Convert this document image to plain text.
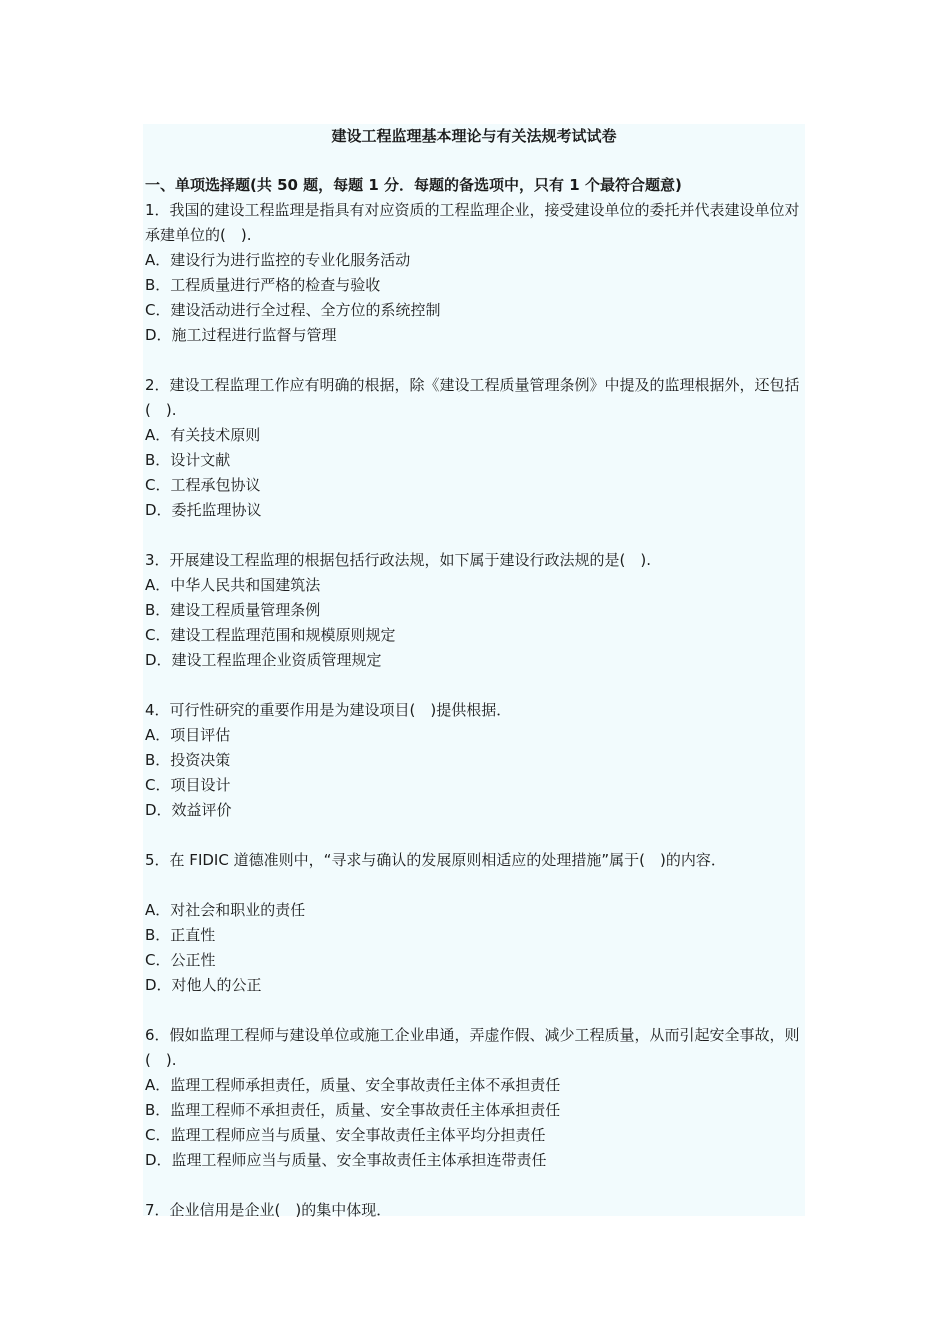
建设工程监理基本理论与有关法规考试试卷
一、单项选择题(共 50 题，每题 1 分．每题的备选项中，只有 1 个最符合题意)

1．我国的建设工程监理是指具有对应资质的工程监理企业，接受建设单位的委托并代表建设单位对承建单位的(　).

A．建设行为进行监控的专业化服务活动

B．工程质量进行严格的检查与验收

C．建设活动进行全过程、全方位的系统控制

D．施工过程进行监督与管理

2．建设工程监理工作应有明确的根据，除《建设工程质量管理条例》中提及的监理根据外，还包括(　).

A．有关技术原则

B．设计文献

C．工程承包协议

D．委托监理协议

3．开展建设工程监理的根据包括行政法规，如下属于建设行政法规的是(　).

A．中华人民共和国建筑法

B．建设工程质量管理条例

C．建设工程监理范围和规模原则规定

D．建设工程监理企业资质管理规定

4．可行性研究的重要作用是为建设项目(　)提供根据．

A．项目评估

B．投资决策

C．项目设计

D．效益评价

5．在 FIDIC 道德准则中，“寻求与确认的发展原则相适应的处理措施”属于(　)的内容．

A．对社会和职业的责任

B．正直性

C．公正性

D．对他人的公正

6．假如监理工程师与建设单位或施工企业串通，弄虚作假、减少工程质量，从而引起安全事故，则(　).

A．监理工程师承担责任，质量、安全事故责任主体不承担责任

B．监理工程师不承担责任，质量、安全事故责任主体承担责任

C．监理工程师应当与质量、安全事故责任主体平均分担责任

D．监理工程师应当与质量、安全事故责任主体承担连带责任

7．企业信用是企业(　)的集中体现．
